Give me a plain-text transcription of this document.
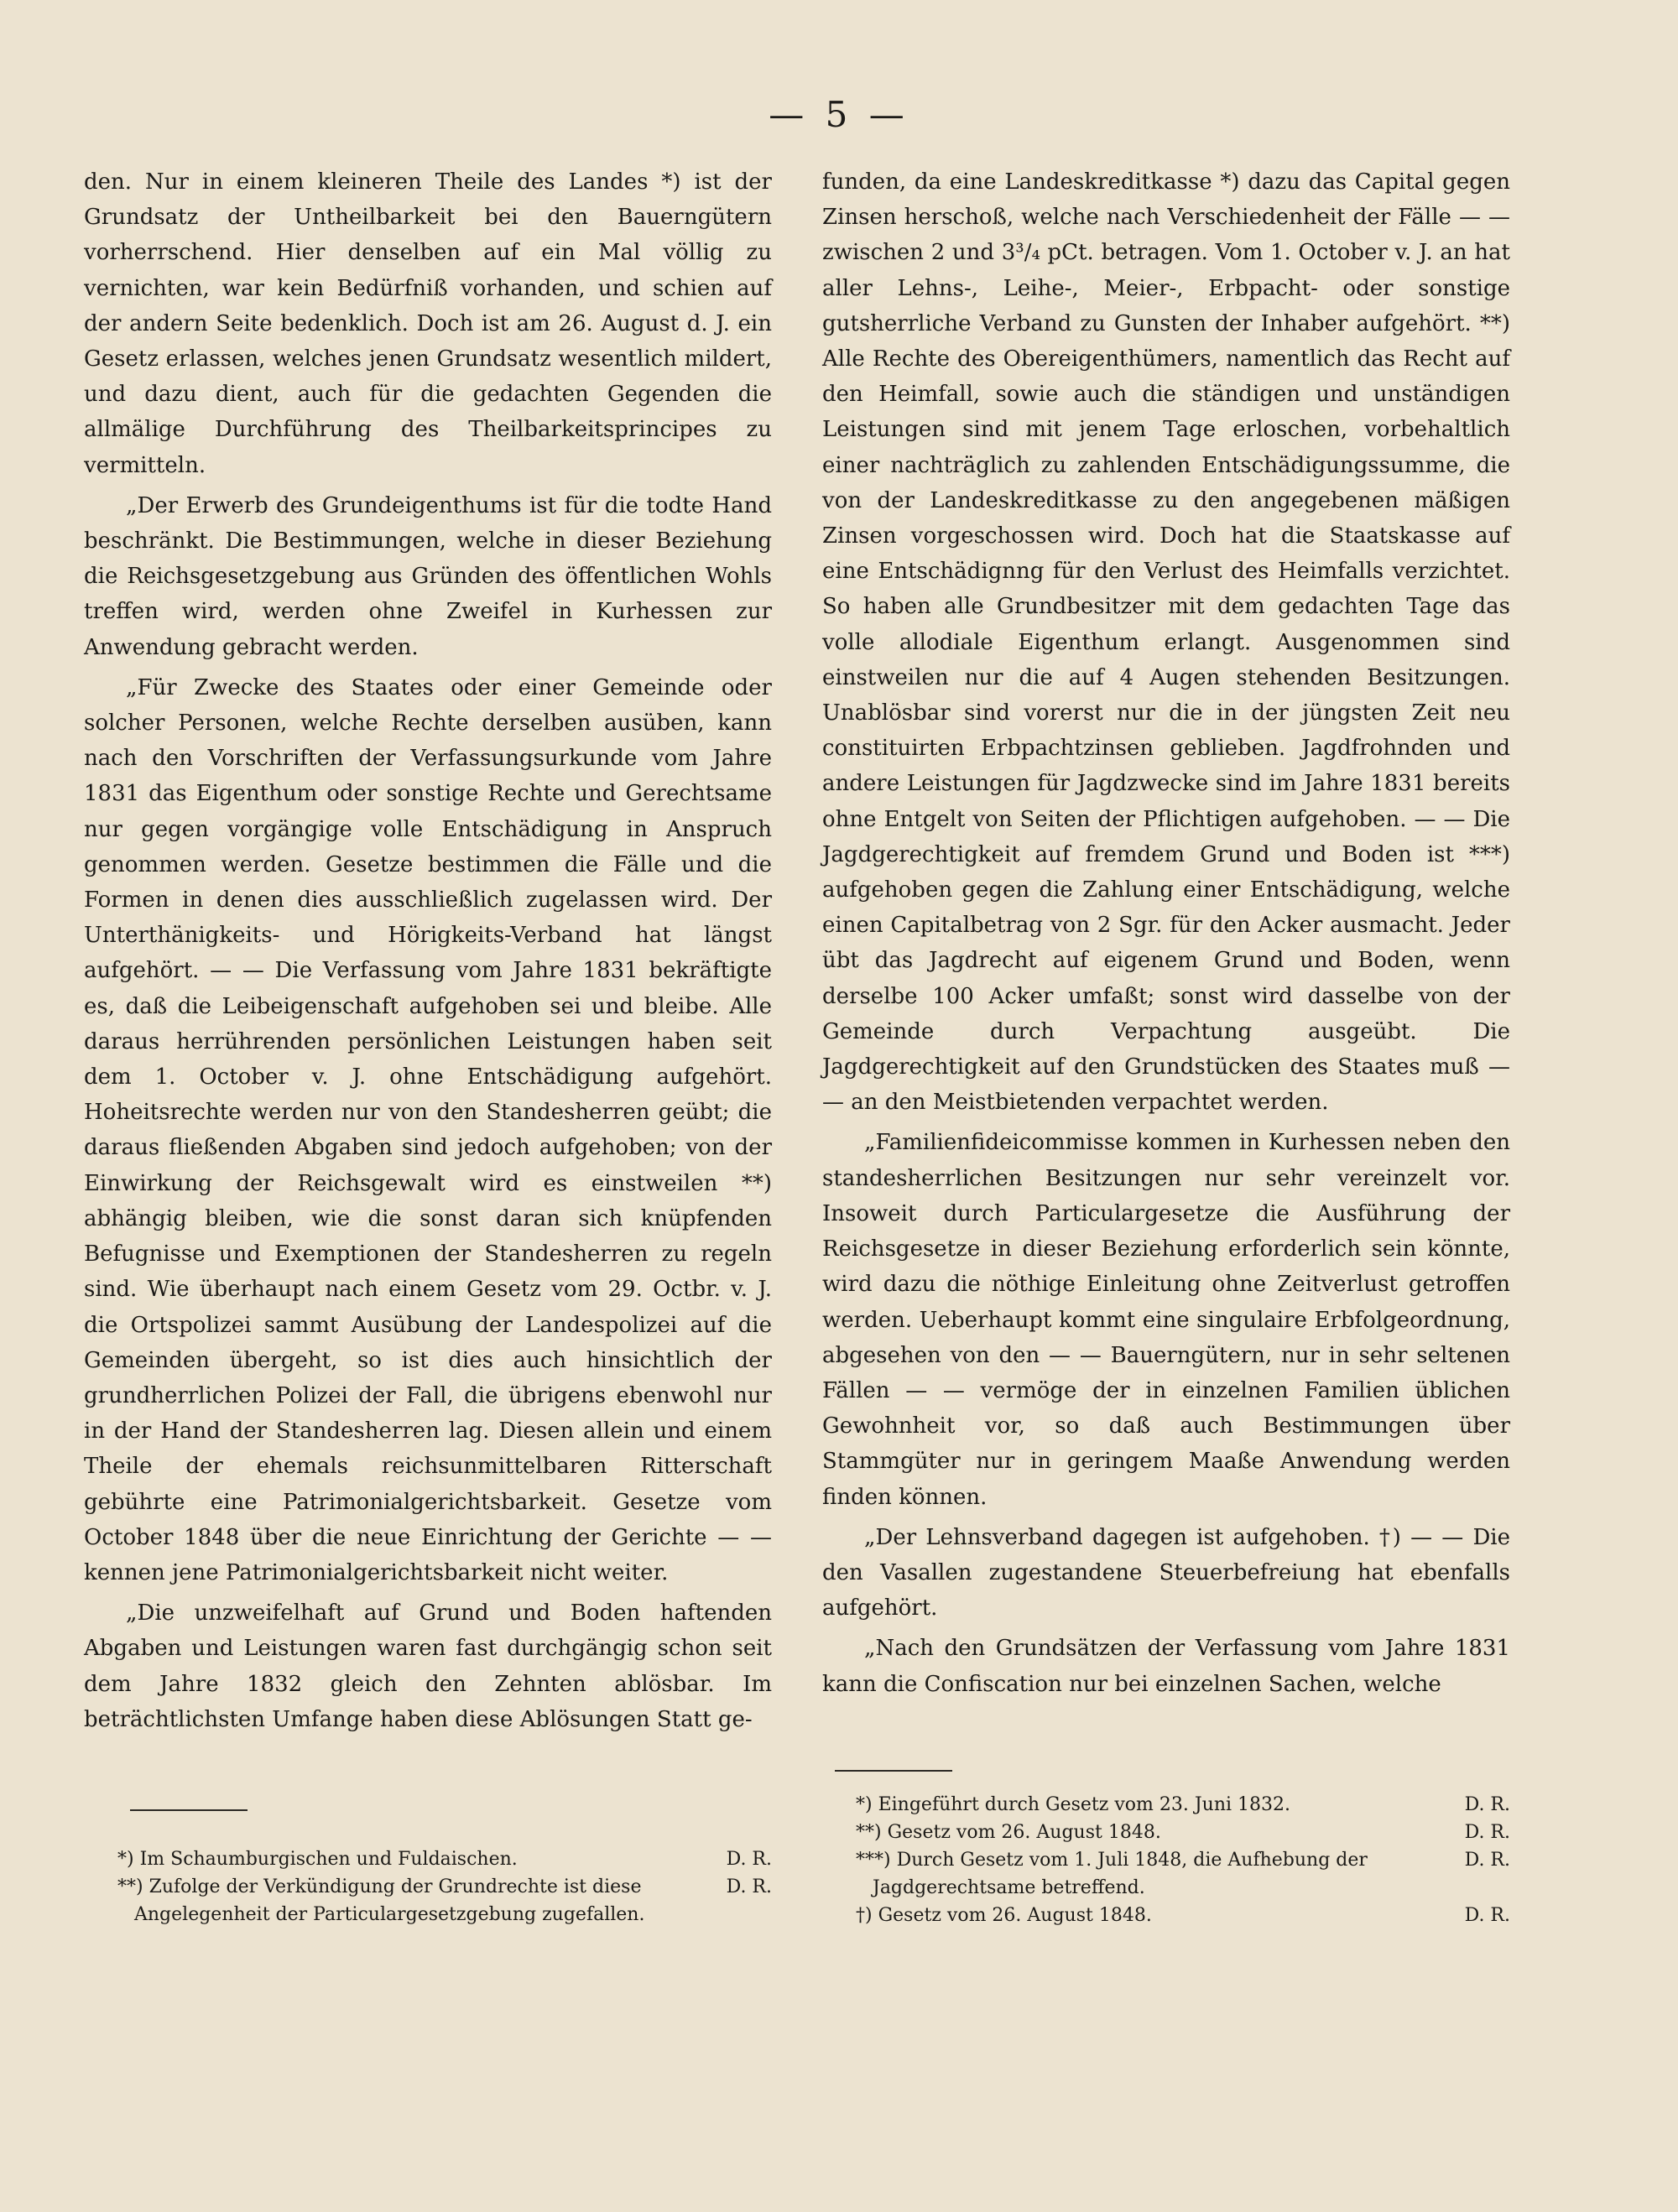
— 5 —

den. Nur in einem kleineren Theile des Landes *) ist der Grundsatz der Untheilbarkeit bei den Bauerngütern vorherrschend. Hier denselben auf ein Mal völlig zu vernichten, war kein Bedürfniß vorhanden, und schien auf der andern Seite bedenklich. Doch ist am 26. August d. J. ein Gesetz erlassen, welches jenen Grundsatz wesentlich mildert, und dazu dient, auch für die gedachten Gegenden die allmälige Durchführung des Theilbarkeitsprincipes zu vermitteln.

„Der Erwerb des Grundeigenthums ist für die todte Hand beschränkt. Die Bestimmungen, welche in dieser Beziehung die Reichsgesetzgebung aus Gründen des öffentlichen Wohls treffen wird, werden ohne Zweifel in Kurhessen zur Anwendung gebracht werden.

„Für Zwecke des Staates oder einer Gemeinde oder solcher Personen, welche Rechte derselben ausüben, kann nach den Vorschriften der Verfassungsurkunde vom Jahre 1831 das Eigenthum oder sonstige Rechte und Gerechtsame nur gegen vorgängige volle Entschädigung in Anspruch genommen werden. Gesetze bestimmen die Fälle und die Formen in denen dies ausschließlich zugelassen wird. Der Unterthänigkeits- und Hörigkeits-Verband hat längst aufgehört. — — Die Verfassung vom Jahre 1831 bekräftigte es, daß die Leibeigenschaft aufgehoben sei und bleibe. Alle daraus herrührenden persönlichen Leistungen haben seit dem 1. October v. J. ohne Entschädigung aufgehört. Hoheitsrechte werden nur von den Standesherren geübt; die daraus fließenden Abgaben sind jedoch aufgehoben; von der Einwirkung der Reichsgewalt wird es einstweilen **) abhängig bleiben, wie die sonst daran sich knüpfenden Befugnisse und Exemptionen der Standesherren zu regeln sind. Wie überhaupt nach einem Gesetz vom 29. Octbr. v. J. die Ortspolizei sammt Ausübung der Landespolizei auf die Gemeinden übergeht, so ist dies auch hinsichtlich der grundherrlichen Polizei der Fall, die übrigens ebenwohl nur in der Hand der Standesherren lag. Diesen allein und einem Theile der ehemals reichsunmittelbaren Ritterschaft gebührte eine Patrimonialgerichtsbarkeit. Gesetze vom October 1848 über die neue Einrichtung der Gerichte — — kennen jene Patrimonialgerichtsbarkeit nicht weiter.

„Die unzweifelhaft auf Grund und Boden haftenden Abgaben und Leistungen waren fast durchgängig schon seit dem Jahre 1832 gleich den Zehnten ablösbar. Im beträchtlichsten Umfange haben diese Ablösungen Statt ge-

funden, da eine Landeskreditkasse *) dazu das Capital gegen Zinsen herschoß, welche nach Verschiedenheit der Fälle — — zwischen 2 und 3³/₄ pCt. betragen. Vom 1. October v. J. an hat aller Lehns-, Leihe-, Meier-, Erbpacht- oder sonstige gutsherrliche Verband zu Gunsten der Inhaber aufgehört. **) Alle Rechte des Obereigenthümers, namentlich das Recht auf den Heimfall, sowie auch die ständigen und unständigen Leistungen sind mit jenem Tage erloschen, vorbehaltlich einer nachträglich zu zahlenden Entschädigungssumme, die von der Landeskreditkasse zu den angegebenen mäßigen Zinsen vorgeschossen wird. Doch hat die Staatskasse auf eine Entschädignng für den Verlust des Heimfalls verzichtet. So haben alle Grundbesitzer mit dem gedachten Tage das volle allodiale Eigenthum erlangt. Ausgenommen sind einstweilen nur die auf 4 Augen stehenden Besitzungen. Unablösbar sind vorerst nur die in der jüngsten Zeit neu constituirten Erbpachtzinsen geblieben. Jagdfrohnden und andere Leistungen für Jagdzwecke sind im Jahre 1831 bereits ohne Entgelt von Seiten der Pflichtigen aufgehoben. — — Die Jagdgerechtigkeit auf fremdem Grund und Boden ist ***) aufgehoben gegen die Zahlung einer Entschädigung, welche einen Capitalbetrag von 2 Sgr. für den Acker ausmacht. Jeder übt das Jagdrecht auf eigenem Grund und Boden, wenn derselbe 100 Acker umfaßt; sonst wird dasselbe von der Gemeinde durch Verpachtung ausgeübt. Die Jagdgerechtigkeit auf den Grundstücken des Staates muß — — an den Meistbietenden verpachtet werden.

„Familienfideicommisse kommen in Kurhessen neben den standesherrlichen Besitzungen nur sehr vereinzelt vor. Insoweit durch Particulargesetze die Ausführung der Reichsgesetze in dieser Beziehung erforderlich sein könnte, wird dazu die nöthige Einleitung ohne Zeitverlust getroffen werden. Ueberhaupt kommt eine singulaire Erbfolgeordnung, abgesehen von den — — Bauerngütern, nur in sehr seltenen Fällen — — vermöge der in einzelnen Familien üblichen Gewohnheit vor, so daß auch Bestimmungen über Stammgüter nur in geringem Maaße Anwendung werden finden können.

„Der Lehnsverband dagegen ist aufgehoben. †) — — Die den Vasallen zugestandene Steuerbefreiung hat ebenfalls aufgehört.

„Nach den Grundsätzen der Verfassung vom Jahre 1831 kann die Confiscation nur bei einzelnen Sachen, welche

*) Im Schaumburgischen und Fuldaischen.	D. R.
**) Zufolge der Verkündigung der Grundrechte ist diese Angelegenheit der Particulargesetzgebung zugefallen.
D. R.
*) Eingeführt durch Gesetz vom 23. Juni 1832.	D. R.
**) Gesetz vom 26. August 1848.	D. R.
***) Durch Gesetz vom 1. Juli 1848, die Aufhebung der Jagdgerechtsame betreffend.
D. R.
†) Gesetz vom 26. August 1848.	D. R.
